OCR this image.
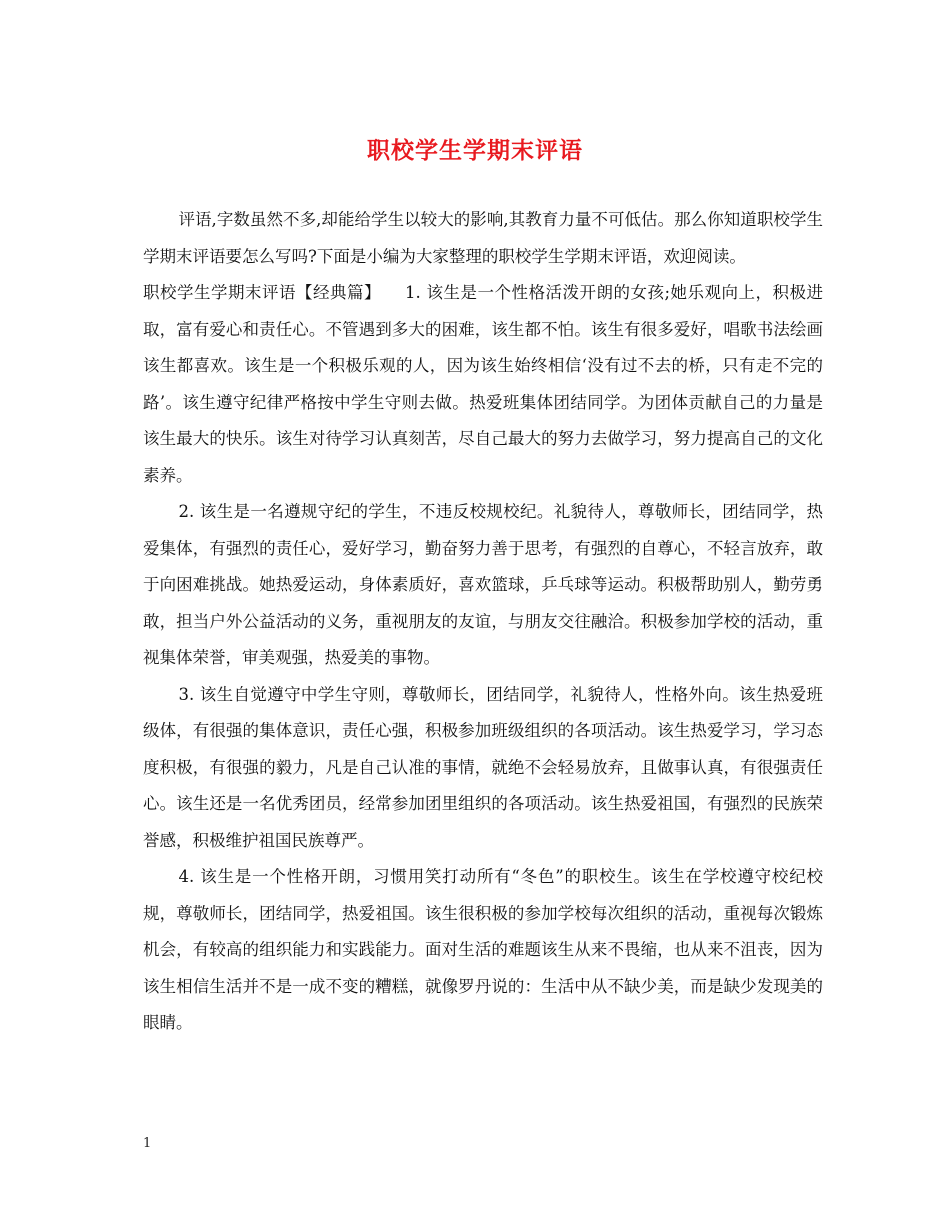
职校学生学期末评语

评语,字数虽然不多,却能给学生以较大的影响,其教育力量不可低估。那么你知道职校学生学期末评语要怎么写吗?下面是小编为大家整理的职校学生学期末评语，欢迎阅读。

职校学生学期末评语【经典篇】 1. 该生是一个性格活泼开朗的女孩;她乐观向上，积极进取，富有爱心和责任心。不管遇到多大的困难，该生都不怕。该生有很多爱好，唱歌书法绘画该生都喜欢。该生是一个积极乐观的人，因为该生始终相信‘没有过不去的桥，只有走不完的路’。该生遵守纪律严格按中学生守则去做。热爱班集体团结同学。为团体贡献自己的力量是该生最大的快乐。该生对待学习认真刻苦，尽自己最大的努力去做学习，努力提高自己的文化素养。

2. 该生是一名遵规守纪的学生，不违反校规校纪。礼貌待人，尊敬师长，团结同学，热爱集体，有强烈的责任心，爱好学习，勤奋努力善于思考，有强烈的自尊心，不轻言放弃，敢于向困难挑战。她热爱运动，身体素质好，喜欢篮球，乒乓球等运动。积极帮助别人，勤劳勇敢，担当户外公益活动的义务，重视朋友的友谊，与朋友交往融洽。积极参加学校的活动，重视集体荣誉，审美观强，热爱美的事物。

3. 该生自觉遵守中学生守则，尊敬师长，团结同学，礼貌待人，性格外向。该生热爱班级体，有很强的集体意识，责任心强，积极参加班级组织的各项活动。该生热爱学习，学习态度积极，有很强的毅力，凡是自己认准的事情，就绝不会轻易放弃，且做事认真，有很强责任心。该生还是一名优秀团员，经常参加团里组织的各项活动。该生热爱祖国，有强烈的民族荣誉感，积极维护祖国民族尊严。

4. 该生是一个性格开朗，习惯用笑打动所有“冬色”的职校生。该生在学校遵守校纪校规，尊敬师长，团结同学，热爱祖国。该生很积极的参加学校每次组织的活动，重视每次锻炼机会，有较高的组织能力和实践能力。面对生活的难题该生从来不畏缩，也从来不沮丧，因为该生相信生活并不是一成不变的糟糕，就像罗丹说的：生活中从不缺少美，而是缺少发现美的眼睛。

1
